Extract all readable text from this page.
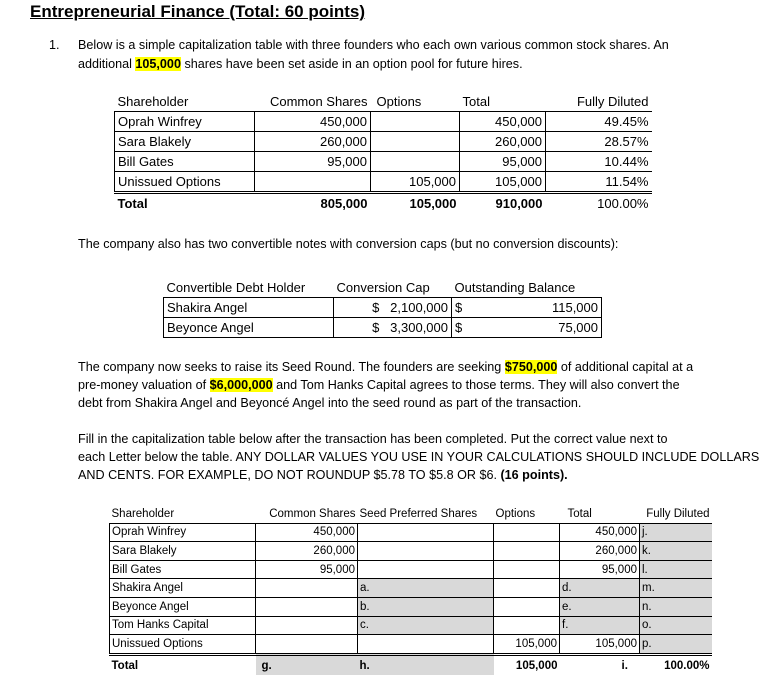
Entrepreneurial Finance (Total: 60 points)
1. Below is a simple capitalization table with three founders who each own various common stock shares. An
additional 105,000 shares have been set aside in an option pool for future hires.
Shareholder	Common Shares	Options	Total	Fully Diluted
Oprah Winfrey	450,000		450,000	49.45%
Sara Blakely	260,000		260,000	28.57%
Bill Gates	95,000		95,000	10.44%
Unissued Options		105,000	105,000	11.54%
Total	805,000	105,000	910,000	100.00%
The company also has two convertible notes with conversion caps (but no conversion discounts):
Convertible Debt Holder	Conversion Cap	Outstanding Balance
Shakira Angel	$ 2,100,000	$ 115,000
Beyonce Angel	$ 3,300,000	$ 75,000
The company now seeks to raise its Seed Round. The founders are seeking $750,000 of additional capital at a
pre-money valuation of $6,000,000 and Tom Hanks Capital agrees to those terms. They will also convert the
debt from Shakira Angel and Beyoncé Angel into the seed round as part of the transaction.
Fill in the capitalization table below after the transaction has been completed. Put the correct value next to
each Letter below the table. ANY DOLLAR VALUES YOU USE IN YOUR CALCULATIONS SHOULD INCLUDE DOLLARS
AND CENTS. FOR EXAMPLE, DO NOT ROUNDUP $5.78 TO $5.8 OR $6. (16 points).
Shareholder	Common Shares	Seed Preferred Shares	Options	Total	Fully Diluted
Oprah Winfrey	450,000			450,000	j.
Sara Blakely	260,000			260,000	k.
Bill Gates	95,000			95,000	l.
Shakira Angel		a.		d.	m.
Beyonce Angel		b.		e.	n.
Tom Hanks Capital		c.		f.	o.
Unissued Options			105,000	105,000	p.
Total	g.	h.	105,000	i.	100.00%
